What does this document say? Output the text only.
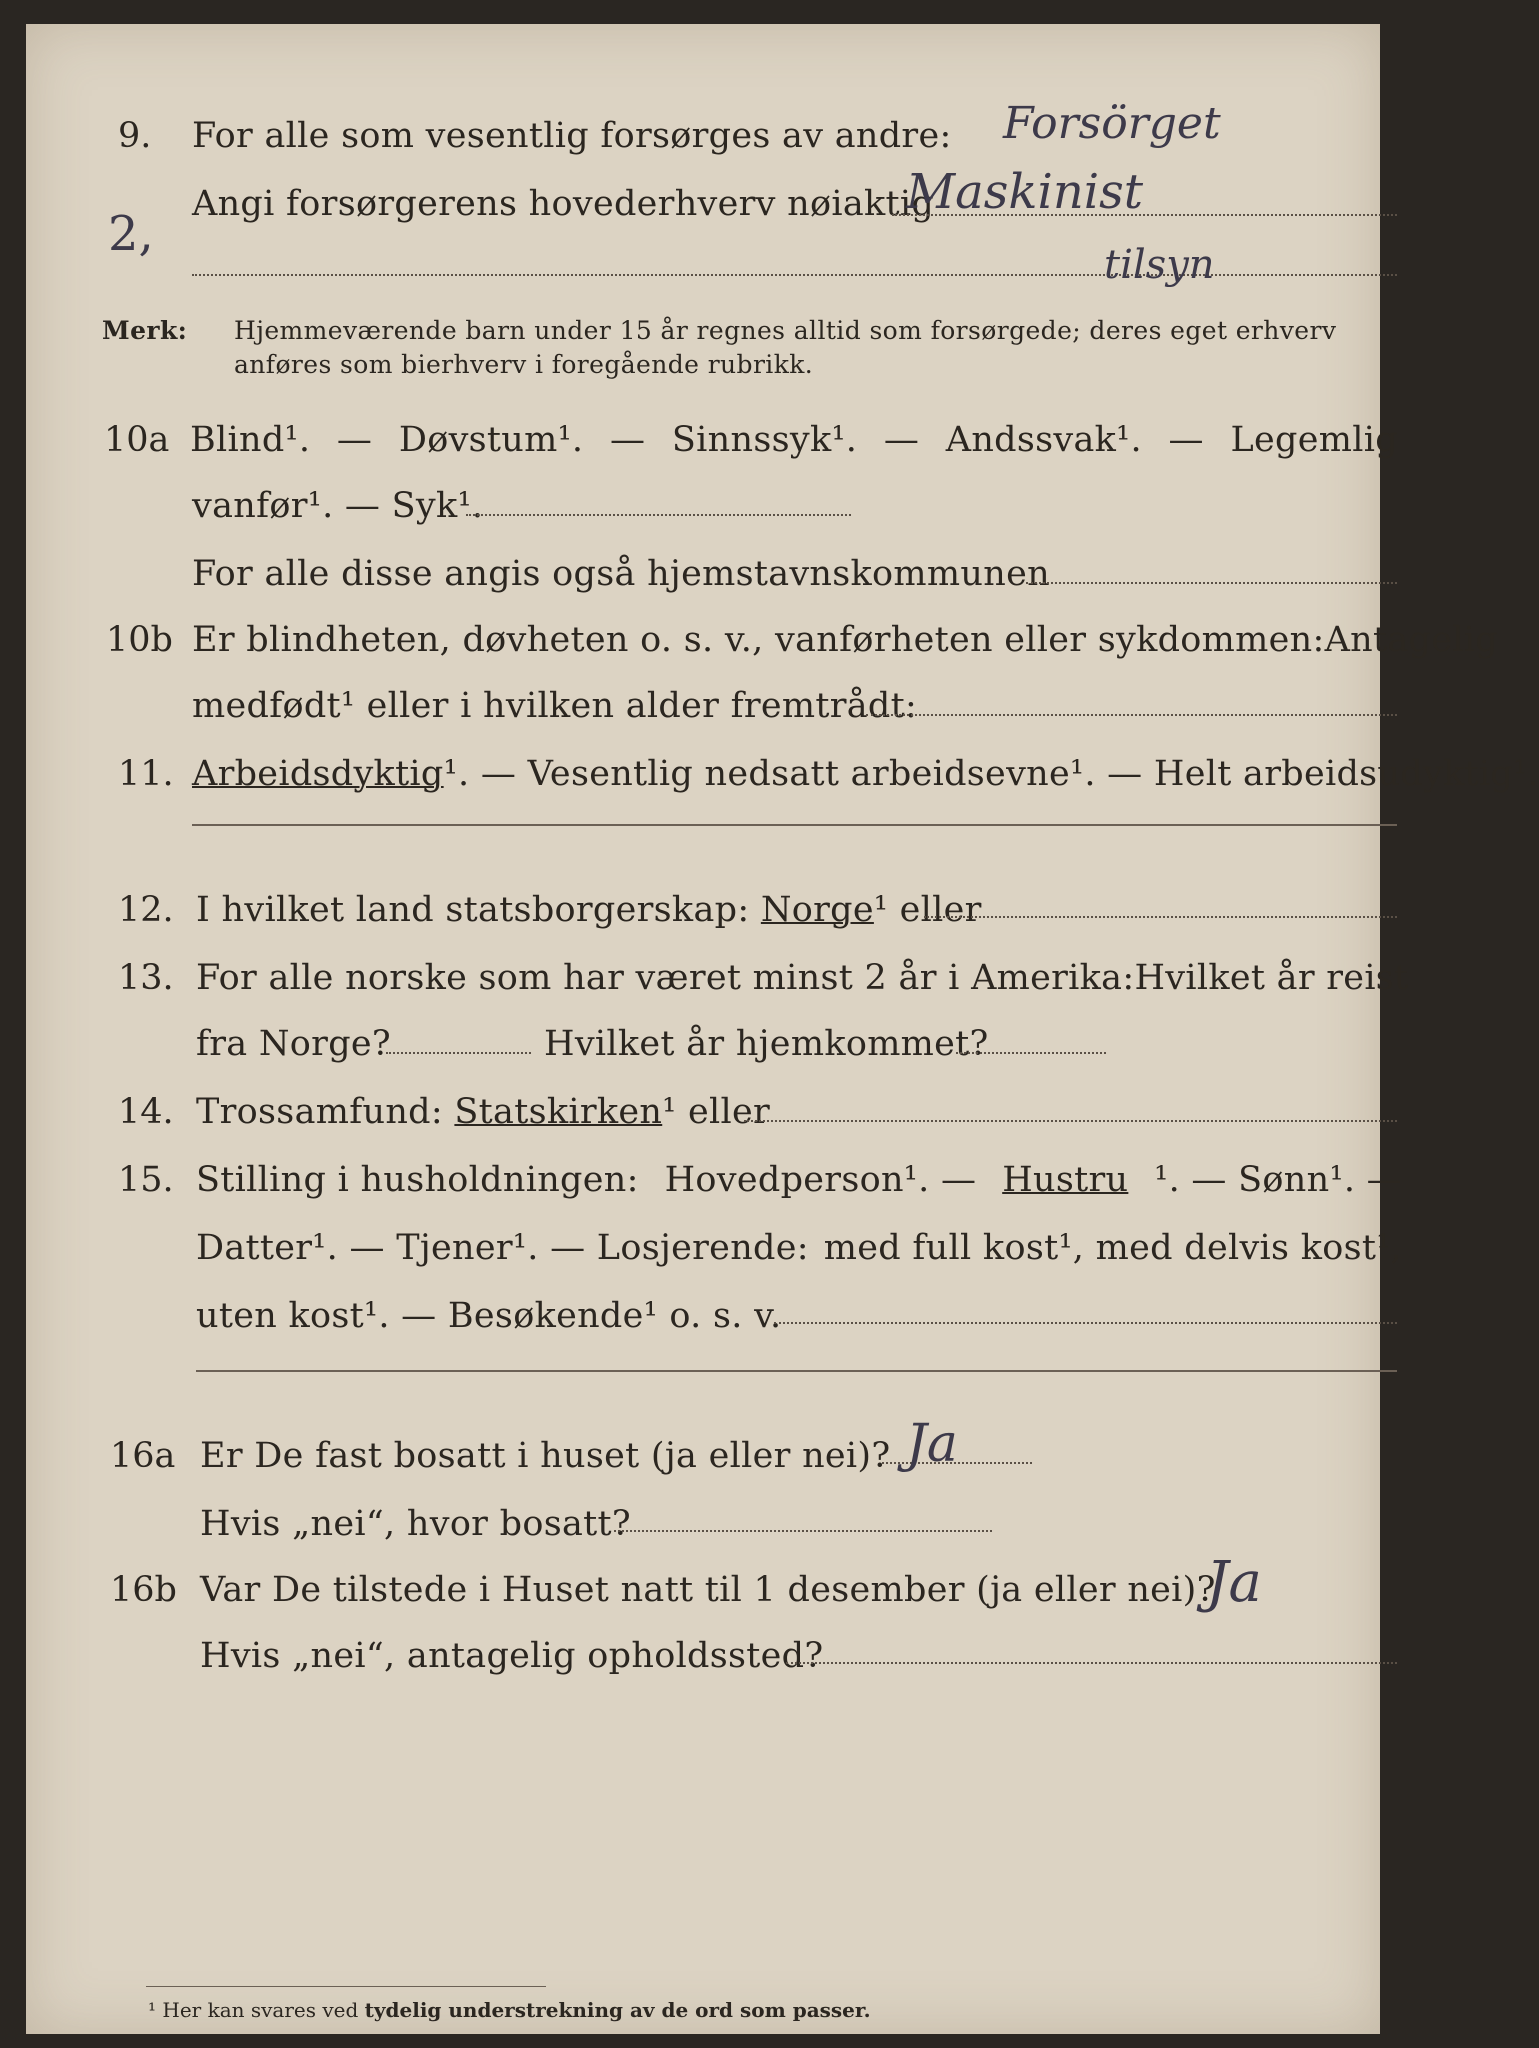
9. For alle som vesentlig forsørges av andre: Forsörget
Angi forsørgerens hovederhverv nøiaktig
Maskinist
2,
tilsyn
Merk: Hjemmeværende barn under 15 år regnes alltid som forsørgede; deres eget erhverv
anføres som bierhverv i foregående rubrikk.
10a Blind¹. — Døvstum¹. — Sinnssyk¹. — Andssvak¹. — Legemlig
vanfør¹. — Syk¹.
For alle disse angis også hjemstavnskommunen
10b Er blindheten, døvheten o. s. v., vanførheten eller sykdommen: Antagelig
medfødt¹ eller i hvilken alder fremtrådt:
11. Arbeidsdyktig¹. — Vesentlig nedsatt arbeidsevne¹. — Helt arbeidsudyktig¹.
12. I hvilket land statsborgerskap: Norge¹ eller
13. For alle norske som har været minst 2 år i Amerika: Hvilket år reist
fra Norge?	Hvilket år hjemkommet?
14. Trossamfund: Statskirken¹ eller
15. Stilling i husholdningen: Hovedperson¹. — Hustru ¹. — Sønn¹. —
Datter¹. — Tjener¹. — Losjerende: med full kost¹, med delvis kost¹,
uten kost¹. — Besøkende¹ o. s. v.
16a Er De fast bosatt i huset (ja eller nei)? Ja
Hvis „nei“, hvor bosatt?
16b Var De tilstede i Huset natt til 1 desember (ja eller nei)?
Ja
Hvis „nei“, antagelig opholdssted?
¹ Her kan svares ved tydelig understrekning av de ord som passer.
